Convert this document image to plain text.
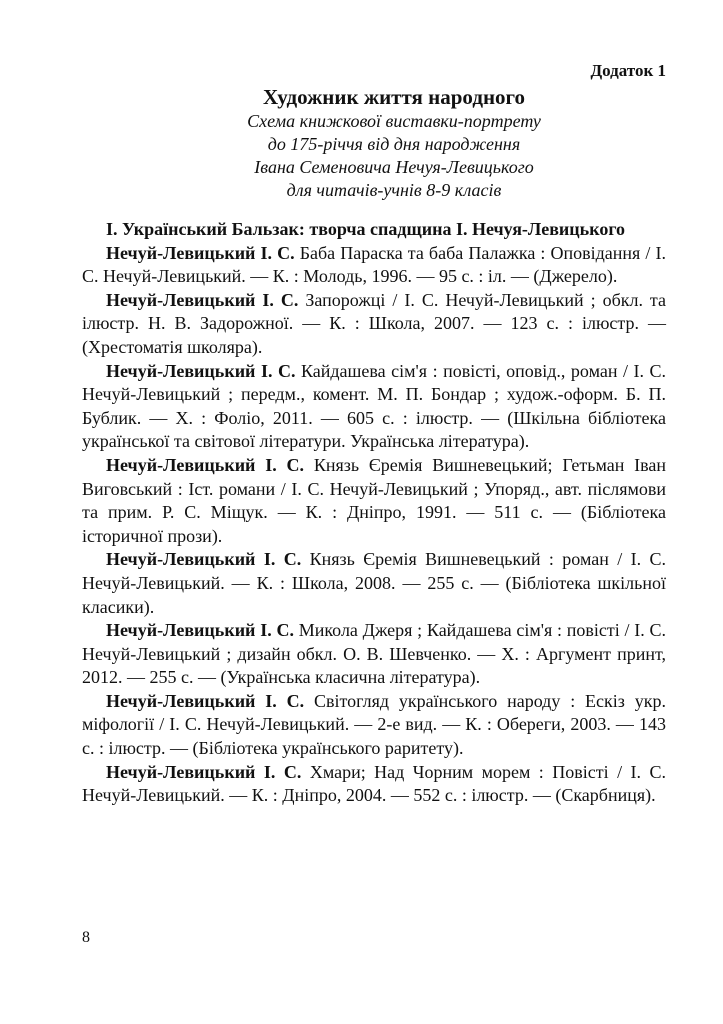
Додаток 1
Художник життя народного
Схема книжкової виставки-портрету
до 175-річчя від дня народження
Івана Семеновича Нечуя-Левицького
для читачів-учнів 8-9 класів
І. Український Бальзак: творча спадщина І. Нечуя-Левицького

Нечуй-Левицький І. С. Баба Параска та баба Палажка : Оповідання / І. С. Нечуй-Левицький. — К. : Молодь, 1996. — 95 с. : іл. — (Джерело).

Нечуй-Левицький І. С. Запорожці / І. С. Нечуй-Левицький ; обкл. та ілюстр. Н. В. Задорожної. — К. : Школа, 2007. — 123 с. : ілюстр. — (Хрестоматія школяра).

Нечуй-Левицький І. С. Кайдашева сім'я : повісті, оповід., роман / І. С. Нечуй-Левицький ; передм., комент. М. П. Бондар ; худож.-оформ. Б. П. Бублик. — Х. : Фоліо, 2011. — 605 с. : ілюстр. — (Шкільна бібліотека української та світової літератури. Українська література).

Нечуй-Левицький І. С. Князь Єремія Вишневецький; Гетьман Іван Виговський : Іст. романи / І. С. Нечуй-Левицький ; Упоряд., авт. післямови та прим. Р. С. Міщук. — К. : Дніпро, 1991. — 511 с. — (Бібліотека історичної прози).

Нечуй-Левицький І. С. Князь Єремія Вишневецький : роман / І. С. Нечуй-Левицький. — К. : Школа, 2008. — 255 с. — (Бібліотека шкільної класики).

Нечуй-Левицький І. С. Микола Джеря ; Кайдашева сім'я : повісті / І. С. Нечуй-Левицький ; дизайн обкл. О. В. Шевченко. — Х. : Аргумент принт, 2012. — 255 с. — (Українська класична література).

Нечуй-Левицький І. С. Світогляд українського народу : Ескіз укр. міфології / І. С. Нечуй-Левицький. — 2-е вид. — К. : Обереги, 2003. — 143 с. : ілюстр. — (Бібліотека українського раритету).

Нечуй-Левицький І. С. Хмари; Над Чорним морем : Повісті / І. С. Нечуй-Левицький. — К. : Дніпро, 2004. — 552 с. : ілюстр. — (Скарбниця).

8
